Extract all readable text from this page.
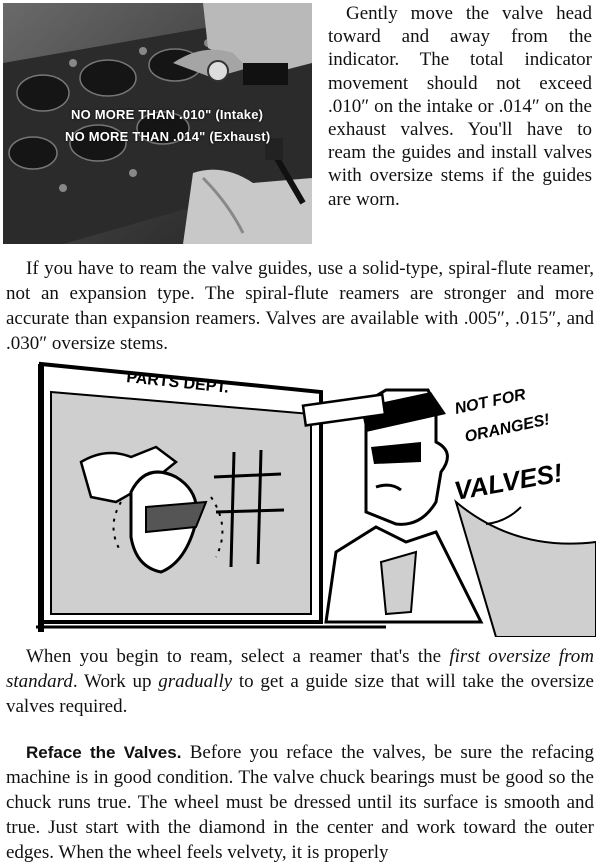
NO MORE THAN .010" (Intake)
NO MORE THAN .014" (Exhaust)

Gently move the valve head toward and away from the indicator. The total indicator movement should not exceed .010″ on the intake or .014″ on the exhaust valves. You'll have to ream the guides and install valves with oversize stems if the guides are worn.

If you have to ream the valve guides, use a solid-type, spiral-flute reamer, not an expansion type. The spiral-flute reamers are stronger and more accurate than expansion reamers. Valves are available with .005″, .015″, and .030″ oversize stems.

PARTS DEPT.
NOT FOR
ORANGES!
VALVES!

When you begin to ream, select a reamer that's the first oversize from standard. Work up gradually to get a guide size that will take the oversize valves required.

Reface the Valves. Before you reface the valves, be sure the refacing machine is in good condition. The valve chuck bearings must be good so the chuck runs true. The wheel must be dressed until its surface is smooth and true. Just start with the diamond in the center and work toward the outer edges. When the wheel feels velvety, it is properly
